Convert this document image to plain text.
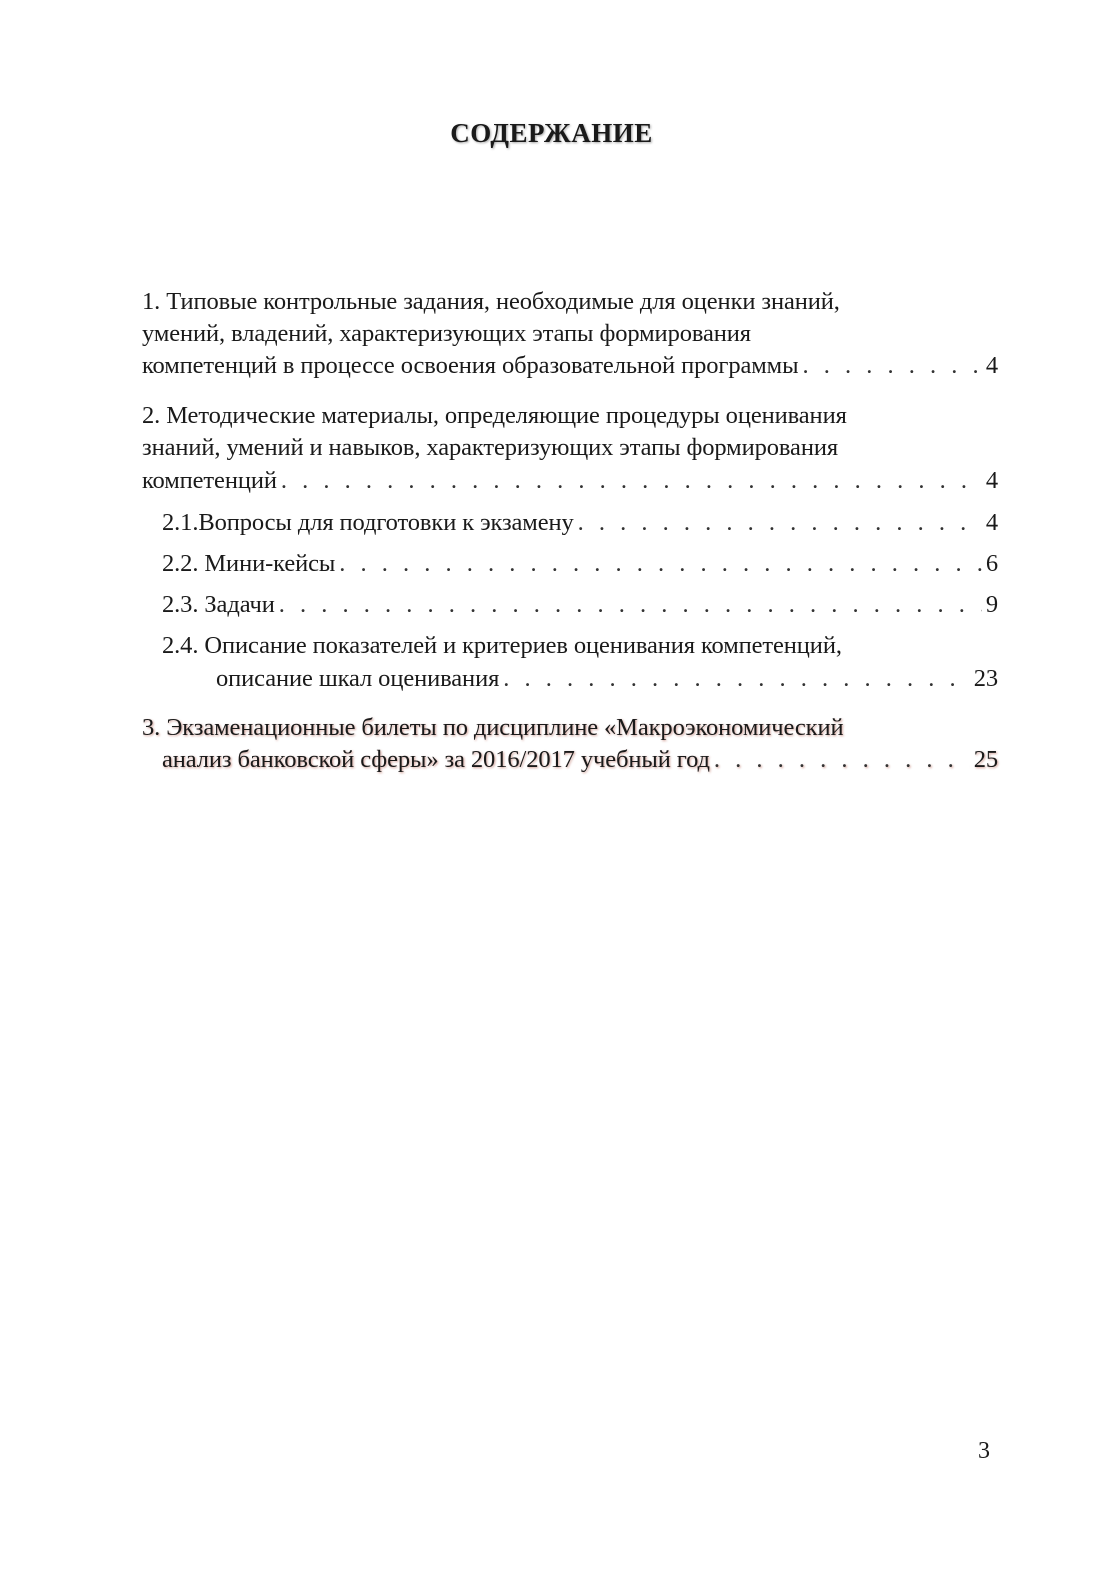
СОДЕРЖАНИЕ
1. Типовые контрольные задания, необходимые для оценки знаний,
умений, владений, характеризующих этапы формирования
компетенций в процессе освоения образовательной программы . . .	4
2. Методические материалы, определяющие процедуры оценивания
знаний, умений и навыков, характеризующих этапы формирования
компетенций . . .	4
2.1.Вопросы для подготовки к экзамену . . .	4
2.2. Мини-кейсы . . .	6
2.3. Задачи . . .	9
2.4. Описание показателей и критериев оценивания компетенций,
описание шкал оценивания . . .	23
3. Экзаменационные билеты по дисциплине «Макроэкономический
анализ банковской сферы» за 2016/2017 учебный год . . .	25
3
